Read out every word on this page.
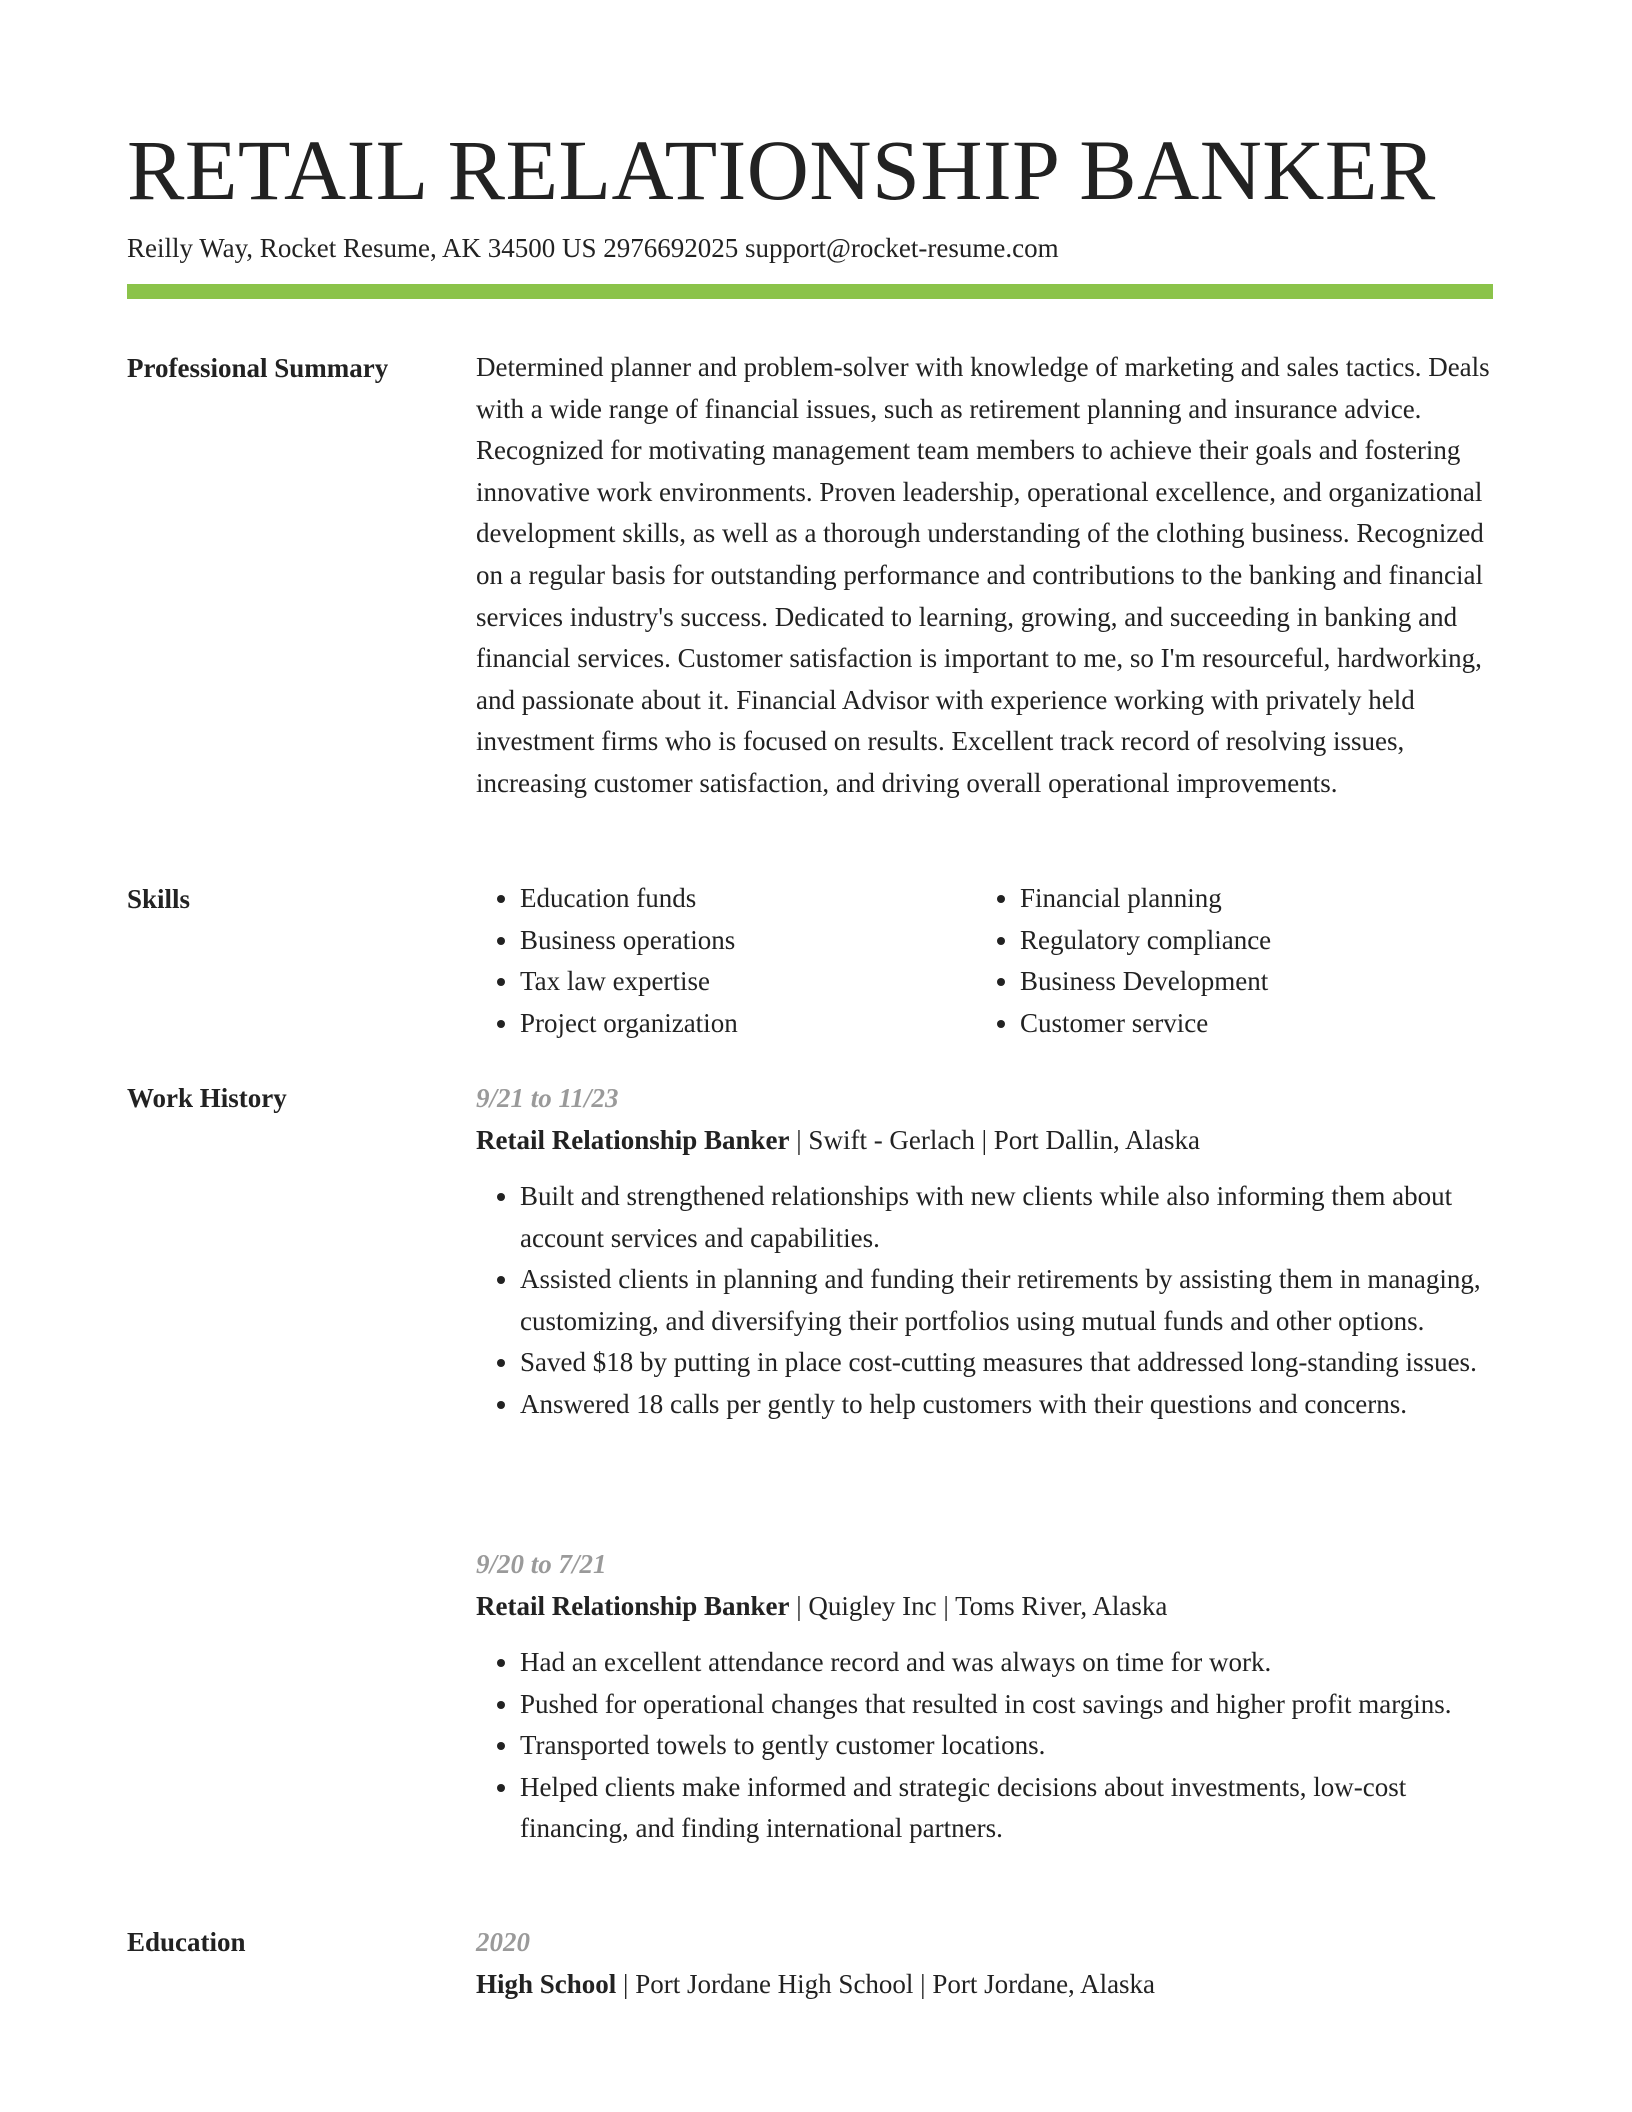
RETAIL RELATIONSHIP BANKER
Reilly Way, Rocket Resume, AK 34500 US 2976692025 support@rocket-resume.com
Professional Summary	Determined planner and problem-solver with knowledge of marketing and sales tactics. Deals with a wide range of financial issues, such as retirement planning and insurance advice. Recognized for motivating management team members to achieve their goals and fostering innovative work environments. Proven leadership, operational excellence, and organizational development skills, as well as a thorough understanding of the clothing business. Recognized on a regular basis for outstanding performance and contributions to the banking and financial services industry's success. Dedicated to learning, growing, and succeeding in banking and financial services. Customer satisfaction is important to me, so I'm resourceful, hardworking, and passionate about it. Financial Advisor with experience working with privately held investment firms who is focused on results. Excellent track record of resolving issues, increasing customer satisfaction, and driving overall operational improvements.

Skills
•	Education funds
• Business operations
• Tax law expertise
• Project organization
• Financial planning
• Regulatory compliance
• Business Development
• Customer service
Work History	9/21 to 11/23
Retail Relationship Banker | Swift - Gerlach | Port Dallin, Alaska
• Built and strengthened relationships with new clients while also informing them about account services and capabilities.
• Assisted clients in planning and funding their retirements by assisting them in managing, customizing, and diversifying their portfolios using mutual funds and other options.
• Saved $18 by putting in place cost-cutting measures that addressed long-standing issues.
• Answered 18 calls per gently to help customers with their questions and concerns.
9/20 to 7/21
Retail Relationship Banker | Quigley Inc | Toms River, Alaska
• Had an excellent attendance record and was always on time for work.
• Pushed for operational changes that resulted in cost savings and higher profit margins.
• Transported towels to gently customer locations.
• Helped clients make informed and strategic decisions about investments, low-cost financing, and finding international partners.
Education	2020
High School | Port Jordane High School | Port Jordane, Alaska
